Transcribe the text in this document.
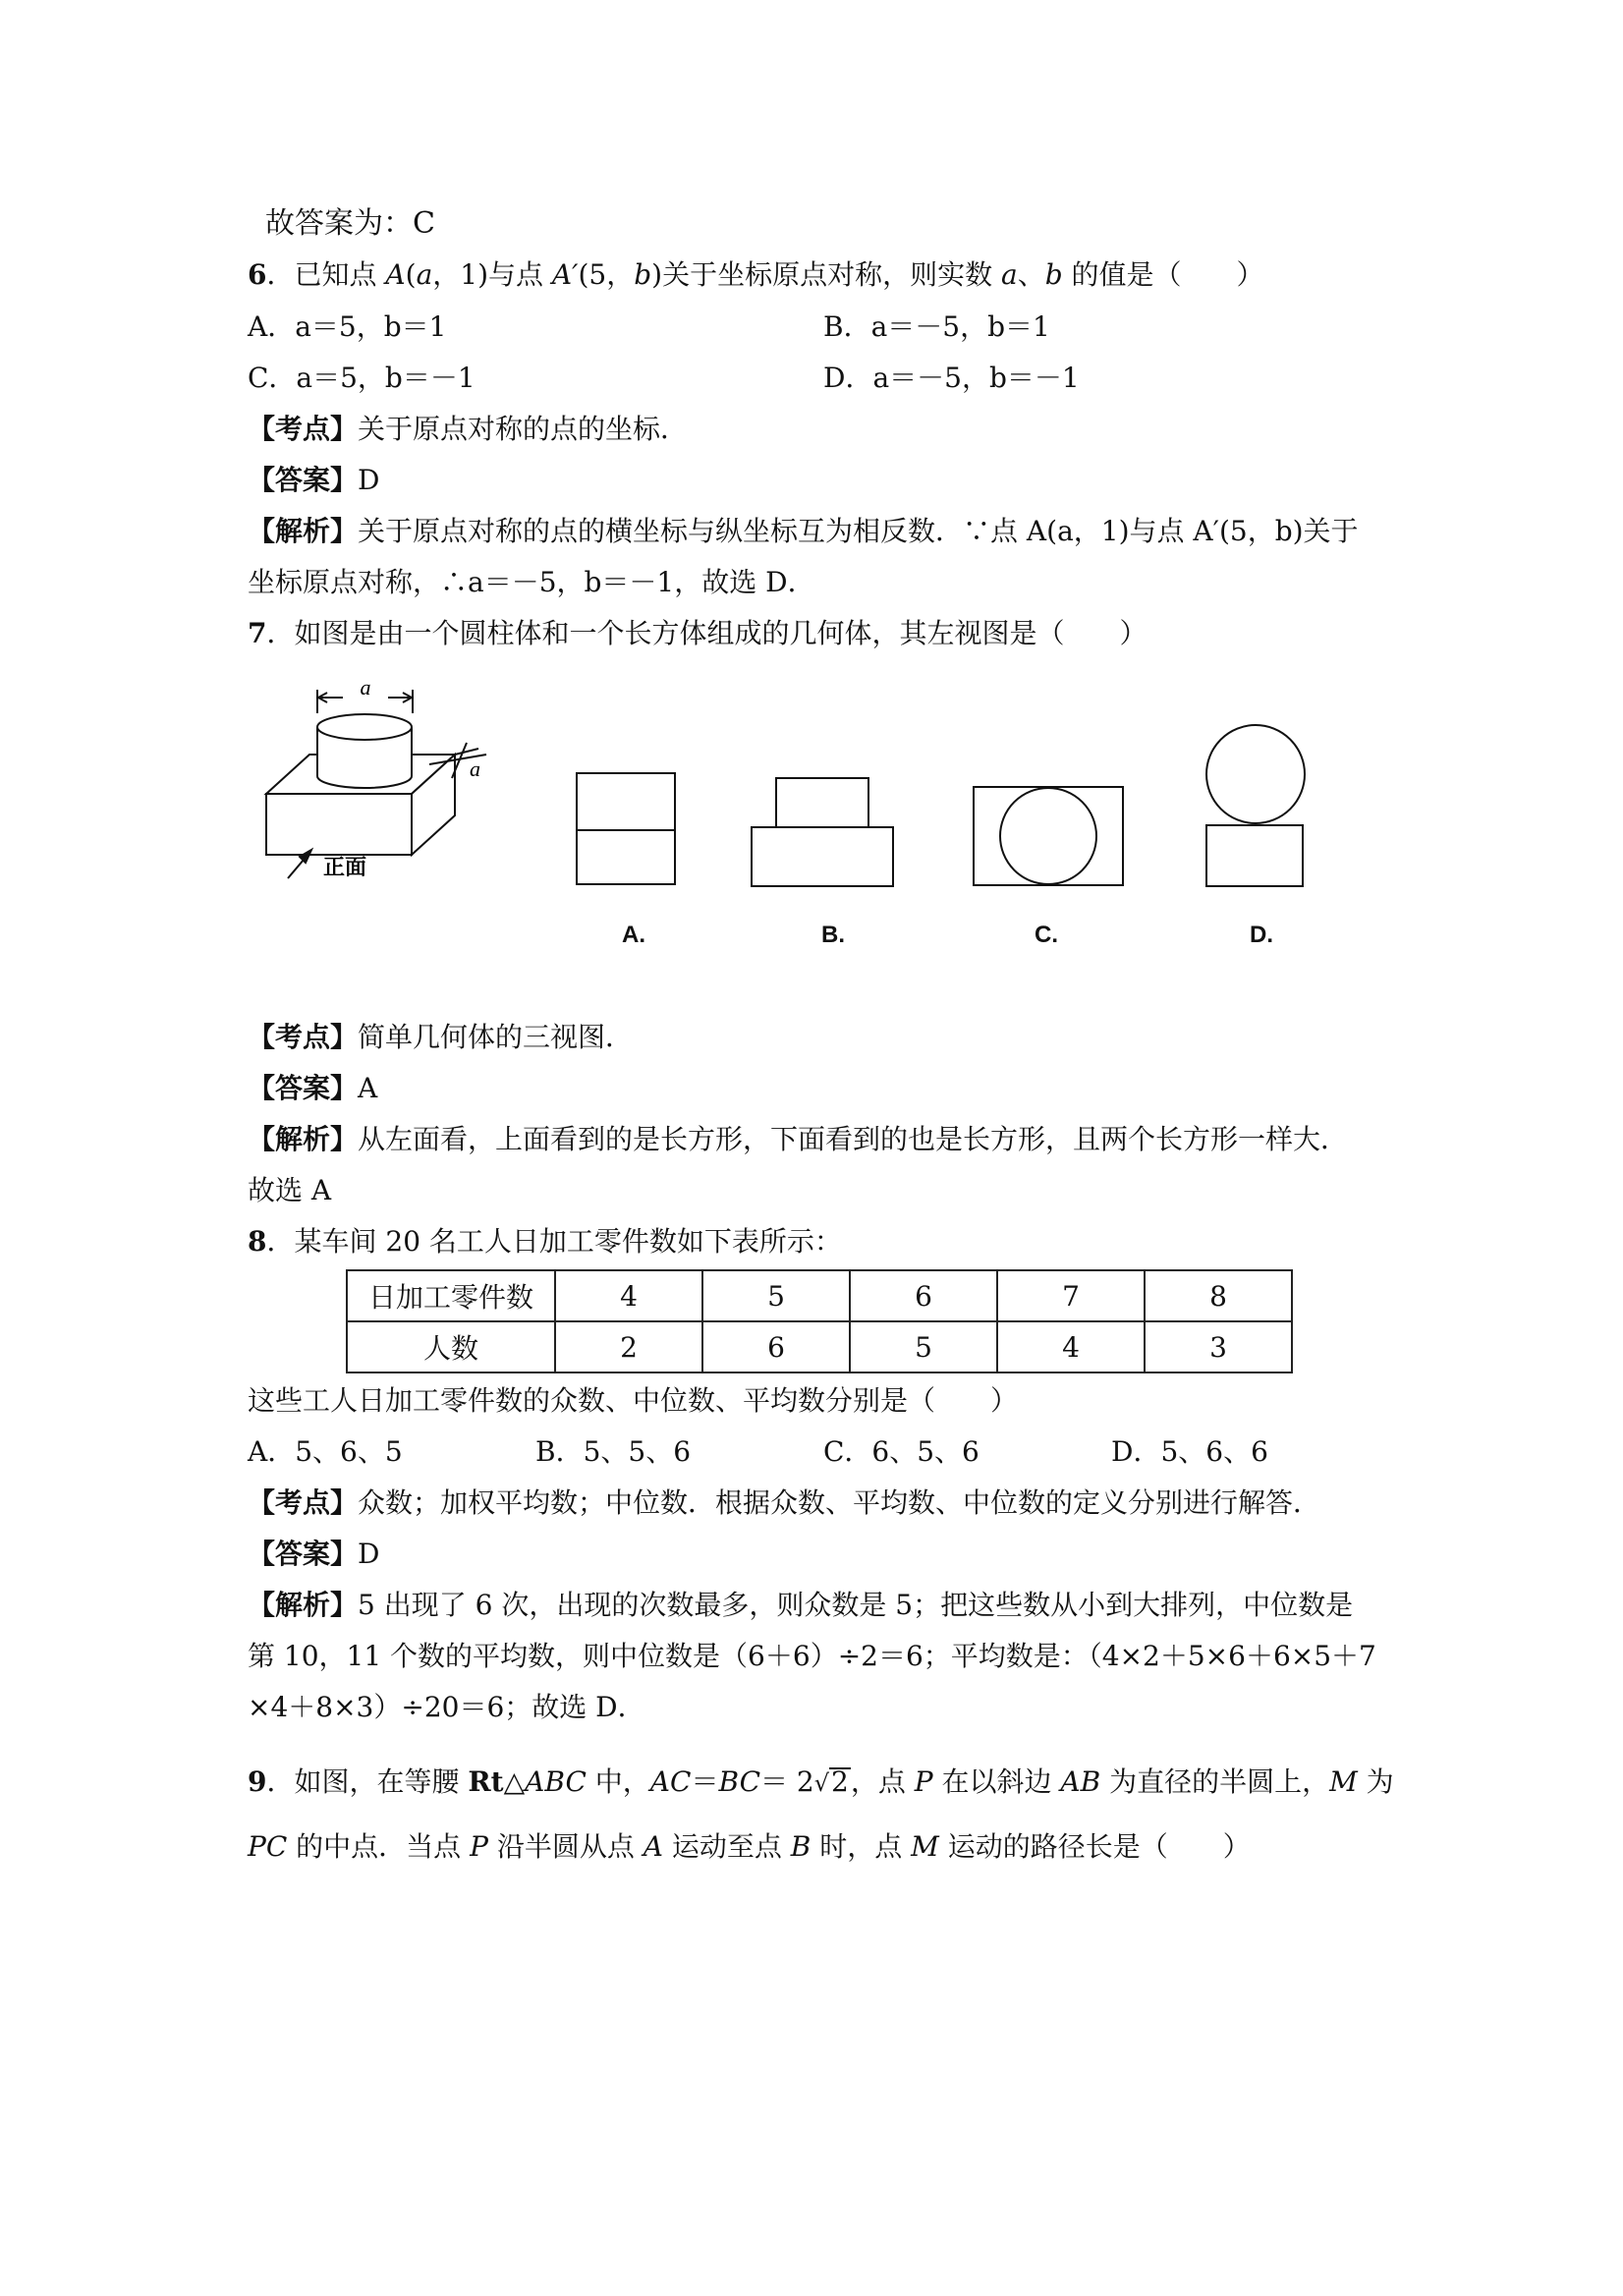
故答案为：C
6．已知点 A(a，1)与点 A′(5，b)关于坐标原点对称，则实数 a、b 的值是（　　）
A．a＝5，b＝1	B．a＝－5，b＝1
C．a＝5，b＝－1	D．a＝－5，b＝－1
【考点】关于原点对称的点的坐标．
【答案】D
【解析】关于原点对称的点的横坐标与纵坐标互为相反数．∵点 A(a，1)与点 A′(5，b)关于
坐标原点对称，∴a＝－5，b＝－1，故选 D．
7．如图是由一个圆柱体和一个长方体组成的几何体，其左视图是（　　）
a
a
正面
A.	B.	C.	D.
【考点】简单几何体的三视图．
【答案】A
【解析】从左面看，上面看到的是长方形，下面看到的也是长方形，且两个长方形一样大．
故选 A
8．某车间 20 名工人日加工零件数如下表所示：
日加工零件数	4	5	6	7	8
人数	2	6	5	4	3
这些工人日加工零件数的众数、中位数、平均数分别是（　　）
A．5、6、5	B．5、5、6	C．6、5、6	D．5、6、6
【考点】众数；加权平均数；中位数．根据众数、平均数、中位数的定义分别进行解答．
【答案】D
【解析】5 出现了 6 次，出现的次数最多，则众数是 5；把这些数从小到大排列，中位数是
第 10，11 个数的平均数，则中位数是（6＋6）÷2＝6；平均数是：（4×2＋5×6＋6×5＋7
×4＋8×3）÷20＝6；故选 D．
9．如图，在等腰 Rt△ABC 中，AC＝BC＝ 2√2，点 P 在以斜边 AB 为直径的半圆上，M 为
PC 的中点．当点 P 沿半圆从点 A 运动至点 B 时，点 M 运动的路径长是（　　）
